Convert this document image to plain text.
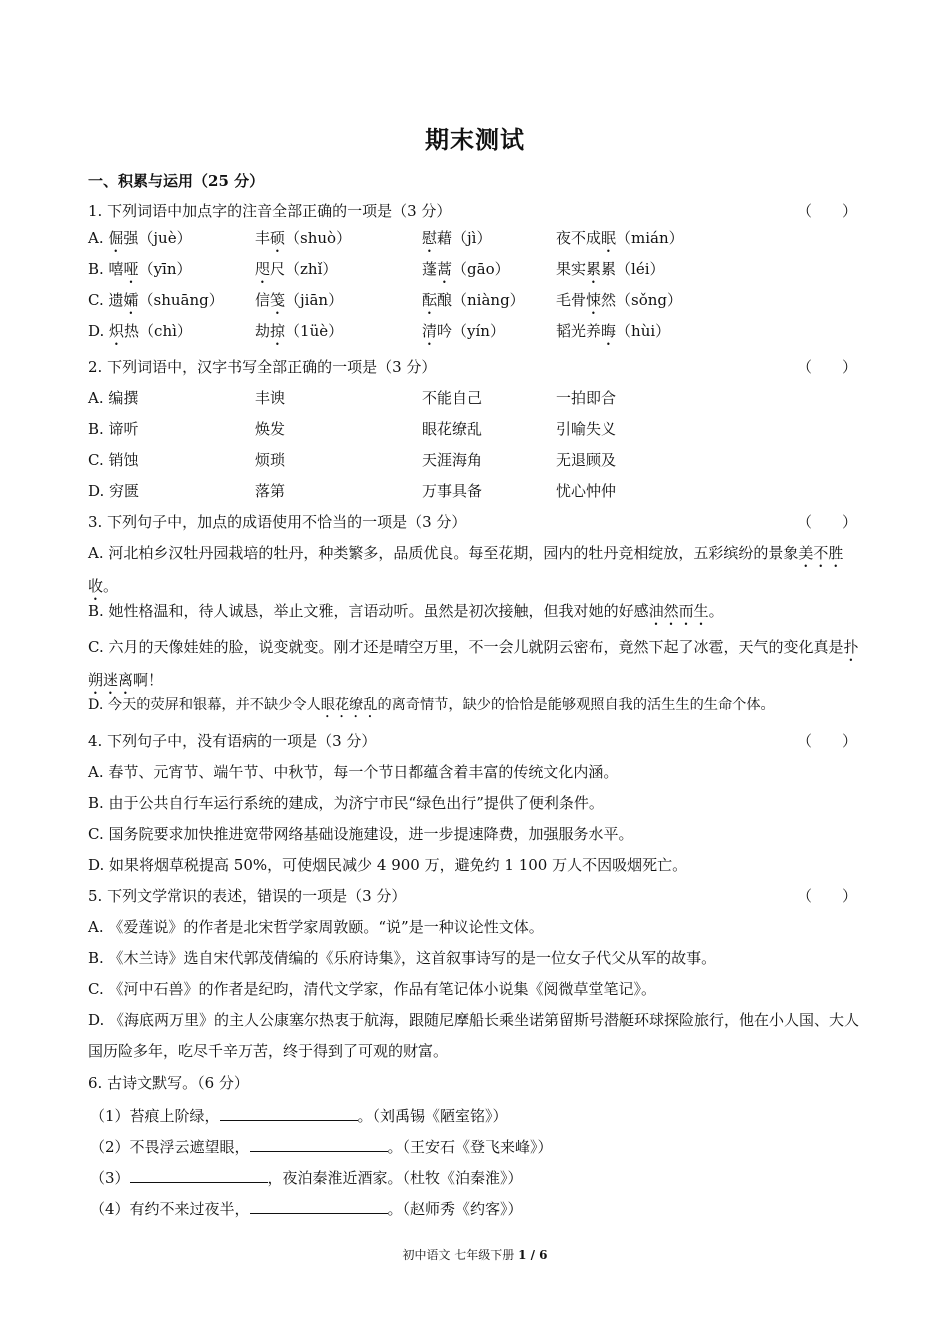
期末测试
一、积累与运用（25 分）
1. 下列词语中加点字的注音全部正确的一项是（3 分）	（　　）
A. 倔强（juè）	丰硕（shuò）	慰藉（jì）	夜不成眠（mián）
B. 嘻哑（yīn）	咫尺（zhǐ）	蓬蒿（gāo）	果实累累（léi）
C. 遗孀（shuāng） 信笺（jiān）	酝酿（niàng） 毛骨悚然（sǒng）
D. 炽热（chì）	劫掠（1üè）	清吟（yín）	韬光养晦（hùi）
2. 下列词语中，汉字书写全部正确的一项是（3 分）	（　　）
A. 编撰	丰谀	不能自己	一拍即合
B. 谛听	焕发	眼花缭乱	引喻失义
C. 销蚀	烦琐	天涯海角	无退顾及
D. 穷匮	落第	万事具备	忧心忡仲
3. 下列句子中，加点的成语使用不恰当的一项是（3 分）	（　　）
A. 河北柏乡汉牡丹园栽培的牡丹，种类繁多，品质优良。每至花期，园内的牡丹竞相绽放，五彩缤纷的景象美不胜收。
B. 她性格温和，待人诚恳，举止文雅，言语动听。虽然是初次接触，但我对她的好感油然而生。
C. 六月的天像娃娃的脸，说变就变。刚才还是晴空万里，不一会儿就阴云密布，竟然下起了冰雹，天气的变化真是扑朔迷离啊！
D. 今天的荧屏和银幕，并不缺少令人眼花缭乱的离奇情节，缺少的恰恰是能够观照自我的活生生的生命个体。
4. 下列句子中，没有语病的一项是（3 分）	（　　）
A. 春节、元宵节、端午节、中秋节，每一个节日都蕴含着丰富的传统文化内涵。
B. 由于公共自行车运行系统的建成，为济宁市民“绿色出行”提供了便利条件。
C. 国务院要求加快推进宽带网络基础设施建设，进一步提速降费，加强服务水平。
D. 如果将烟草税提高 50%，可使烟民减少 4 900 万，避免约 1 100 万人不因吸烟死亡。
5. 下列文学常识的表述，错误的一项是（3 分）	（　　）
A. 《爱莲说》的作者是北宋哲学家周敦颐。“说”是一种议论性文体。
B. 《木兰诗》选自宋代郭茂倩编的《乐府诗集》，这首叙事诗写的是一位女子代父从军的故事。
C. 《河中石兽》的作者是纪昀，清代文学家，作品有笔记体小说集《阅微草堂笔记》。
D. 《海底两万里》的主人公康塞尔热衷于航海，跟随尼摩船长乘坐诺第留斯号潜艇环球探险旅行，他在小人国、大人国历险多年，吃尽千辛万苦，终于得到了可观的财富。
6. 古诗文默写。（6 分）
（1）苔痕上阶绿，	。（刘禹锡《陋室铭》）
（2）不畏浮云遮望眼，	。（王安石《登飞来峰》）
（3）	，夜泊秦淮近酒家。（杜牧《泊秦淮》）
（4）有约不来过夜半，	。（赵师秀《约客》）
初中语文 七年级下册 1 / 6
